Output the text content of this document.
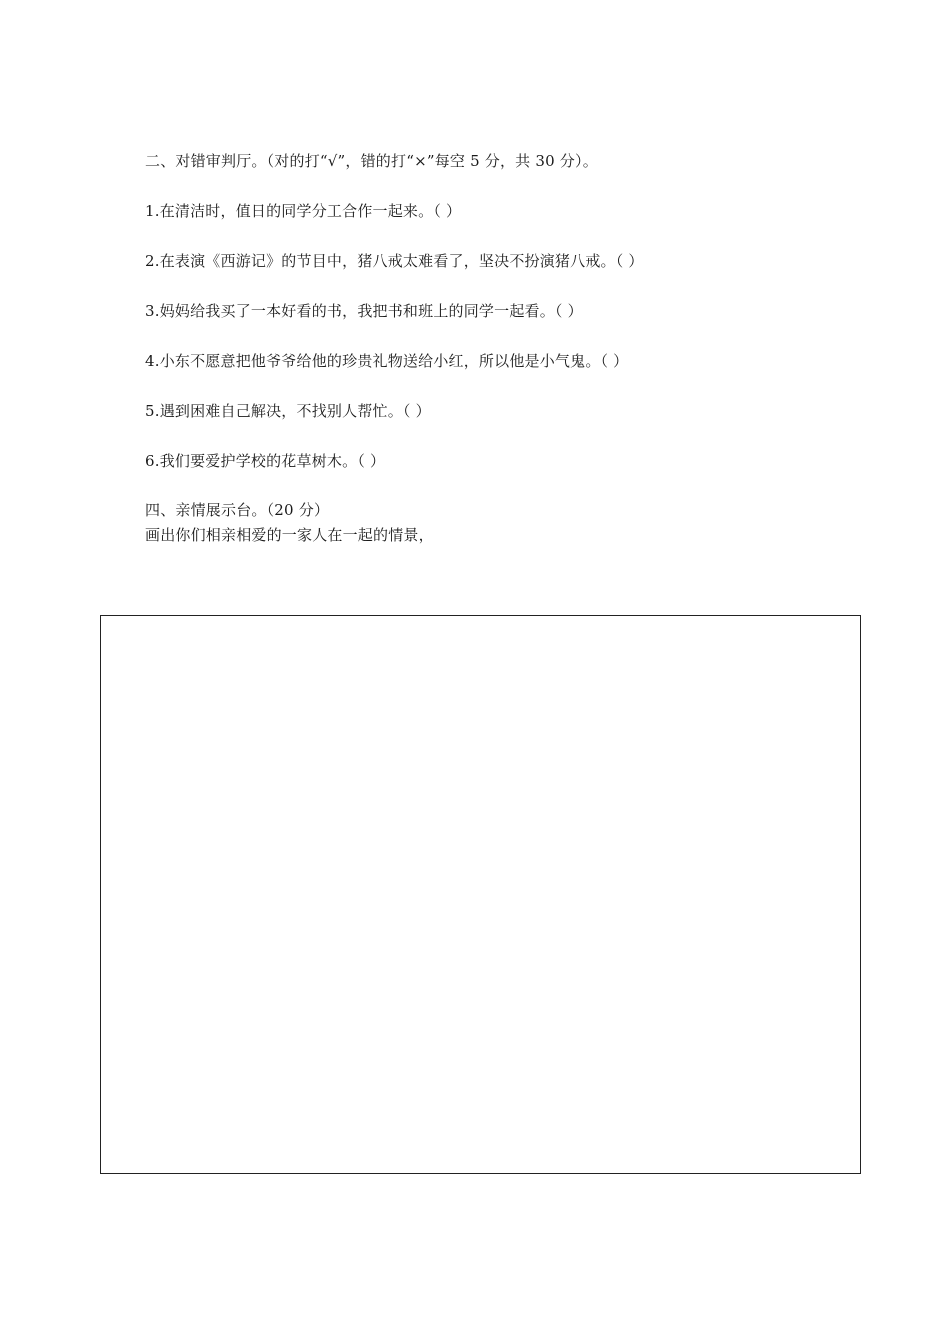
二、对错审判厅。（对的打“√”，错的打“×”每空 5 分，共 30 分）。
1.在清洁时，值日的同学分工合作一起来。（ ）
2.在表演《西游记》的节目中，猪八戒太难看了，坚决不扮演猪八戒。（ ）
3.妈妈给我买了一本好看的书，我把书和班上的同学一起看。（ ）
4.小东不愿意把他爷爷给他的珍贵礼物送给小红，所以他是小气鬼。（ ）
5.遇到困难自己解决，不找别人帮忙。（ ）
6.我们要爱护学校的花草树木。（ ）
四、亲情展示台。（20 分）
画出你们相亲相爱的一家人在一起的情景，
